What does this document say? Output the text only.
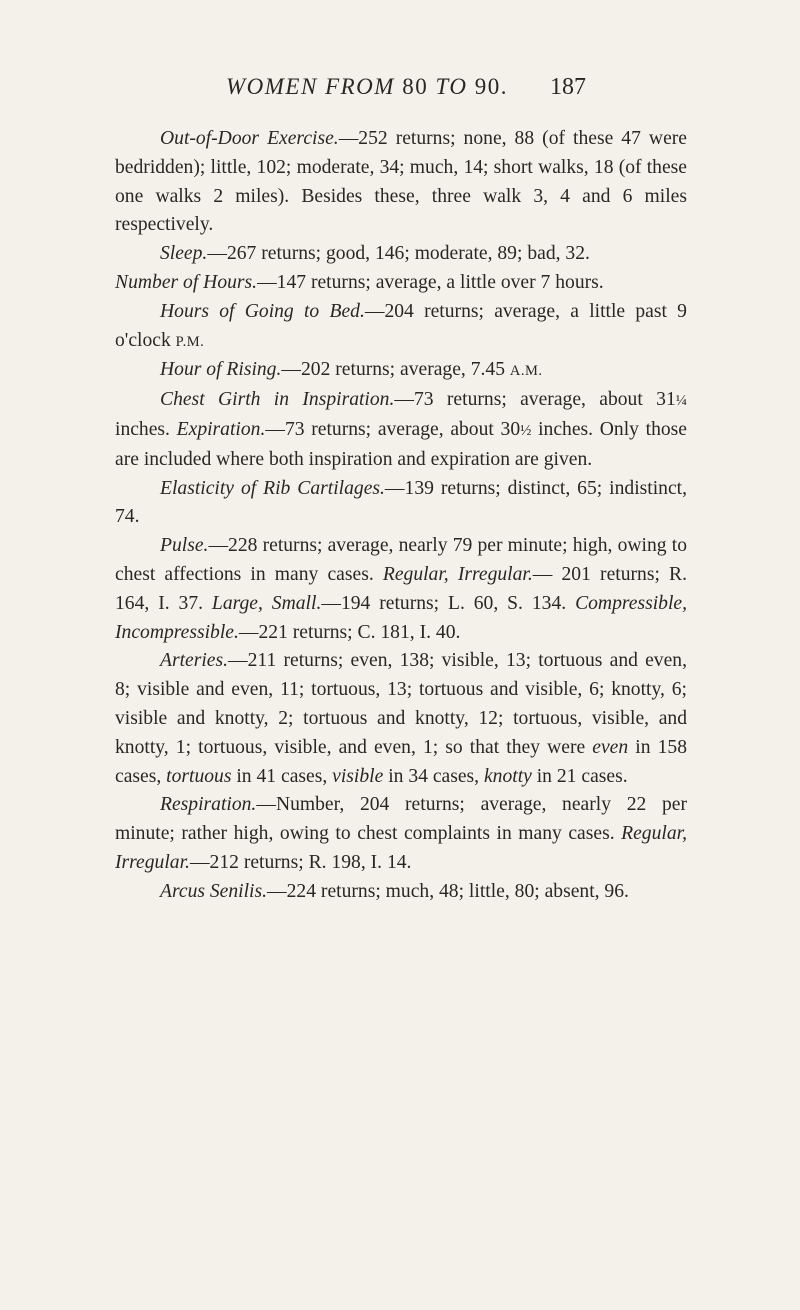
WOMEN FROM 80 TO 90. 187

Out-of-Door Exercise.—252 returns; none, 88 (of these 47 were bedridden); little, 102; moderate, 34; much, 14; short walks, 18 (of these one walks 2 miles). Besides these, three walk 3, 4 and 6 miles respectively.

Sleep.—267 returns; good, 146; moderate, 89; bad, 32.

Number of Hours.—147 returns; average, a little over 7 hours.

Hours of Going to Bed.—204 returns; average, a little past 9 o'clock P.M.

Hour of Rising.—202 returns; average, 7.45 A.M.

Chest Girth in Inspiration.—73 returns; average, about 31¼ inches. Expiration.—73 returns; average, about 30½ inches. Only those are included where both inspiration and expiration are given.

Elasticity of Rib Cartilages.—139 returns; distinct, 65; indistinct, 74.

Pulse.—228 returns; average, nearly 79 per minute; high, owing to chest affections in many cases. Regular, Irregular.— 201 returns; R. 164, I. 37. Large, Small.—194 returns; L. 60, S. 134. Compressible, Incompressible.—221 returns; C. 181, I. 40.

Arteries.—211 returns; even, 138; visible, 13; tortuous and even, 8; visible and even, 11; tortuous, 13; tortuous and visible, 6; knotty, 6; visible and knotty, 2; tortuous and knotty, 12; tortuous, visible, and knotty, 1; tortuous, visible, and even, 1; so that they were even in 158 cases, tortuous in 41 cases, visible in 34 cases, knotty in 21 cases.

Respiration.—Number, 204 returns; average, nearly 22 per minute; rather high, owing to chest complaints in many cases. Regular, Irregular.—212 returns; R. 198, I. 14.

Arcus Senilis.—224 returns; much, 48; little, 80; absent, 96.
